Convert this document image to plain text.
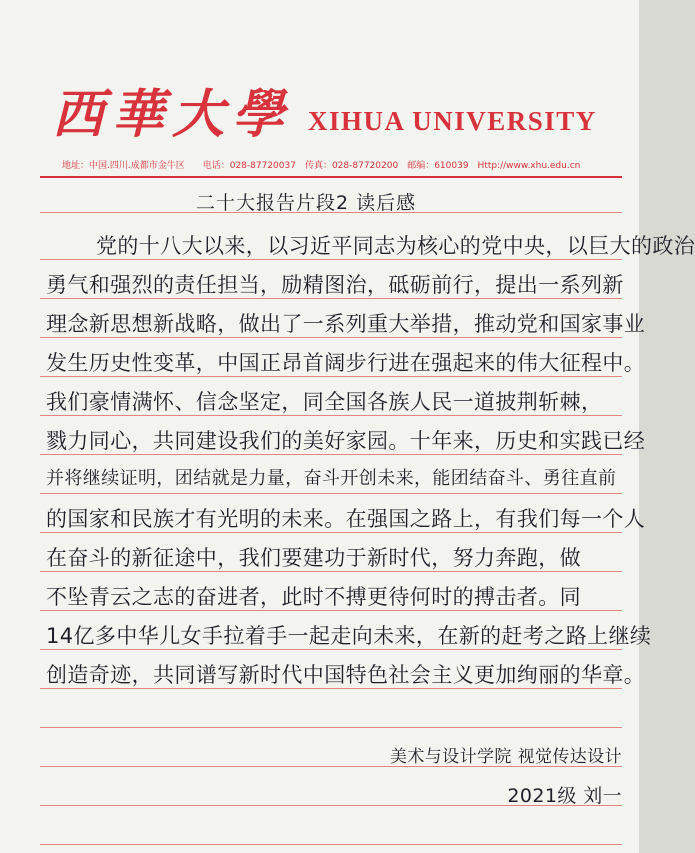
西華大學 XIHUA UNIVERSITY
地址：中国.四川.成都市金牛区　　电话：028-87720037　传真：028-87720200　邮编：610039　Http://www.xhu.edu.cn
二十大报告片段2 读后感
党的十八大以来，以习近平同志为核心的党中央，以巨大的政治
勇气和强烈的责任担当，励精图治，砥砺前行，提出一系列新
理念新思想新战略，做出了一系列重大举措，推动党和国家事业
发生历史性变革，中国正昂首阔步行进在强起来的伟大征程中。
我们豪情满怀、信念坚定，同全国各族人民一道披荆斩棘，
戮力同心，共同建设我们的美好家园。十年来，历史和实践已经
并将继续证明，团结就是力量，奋斗开创未来，能团结奋斗、勇往直前
的国家和民族才有光明的未来。在强国之路上，有我们每一个人
在奋斗的新征途中，我们要建功于新时代，努力奔跑，做
不坠青云之志的奋进者，此时不搏更待何时的搏击者。同
14亿多中华儿女手拉着手一起走向未来，在新的赶考之路上继续
创造奇迹，共同谱写新时代中国特色社会主义更加绚丽的华章。
美术与设计学院 视觉传达设计
2021级 刘一
